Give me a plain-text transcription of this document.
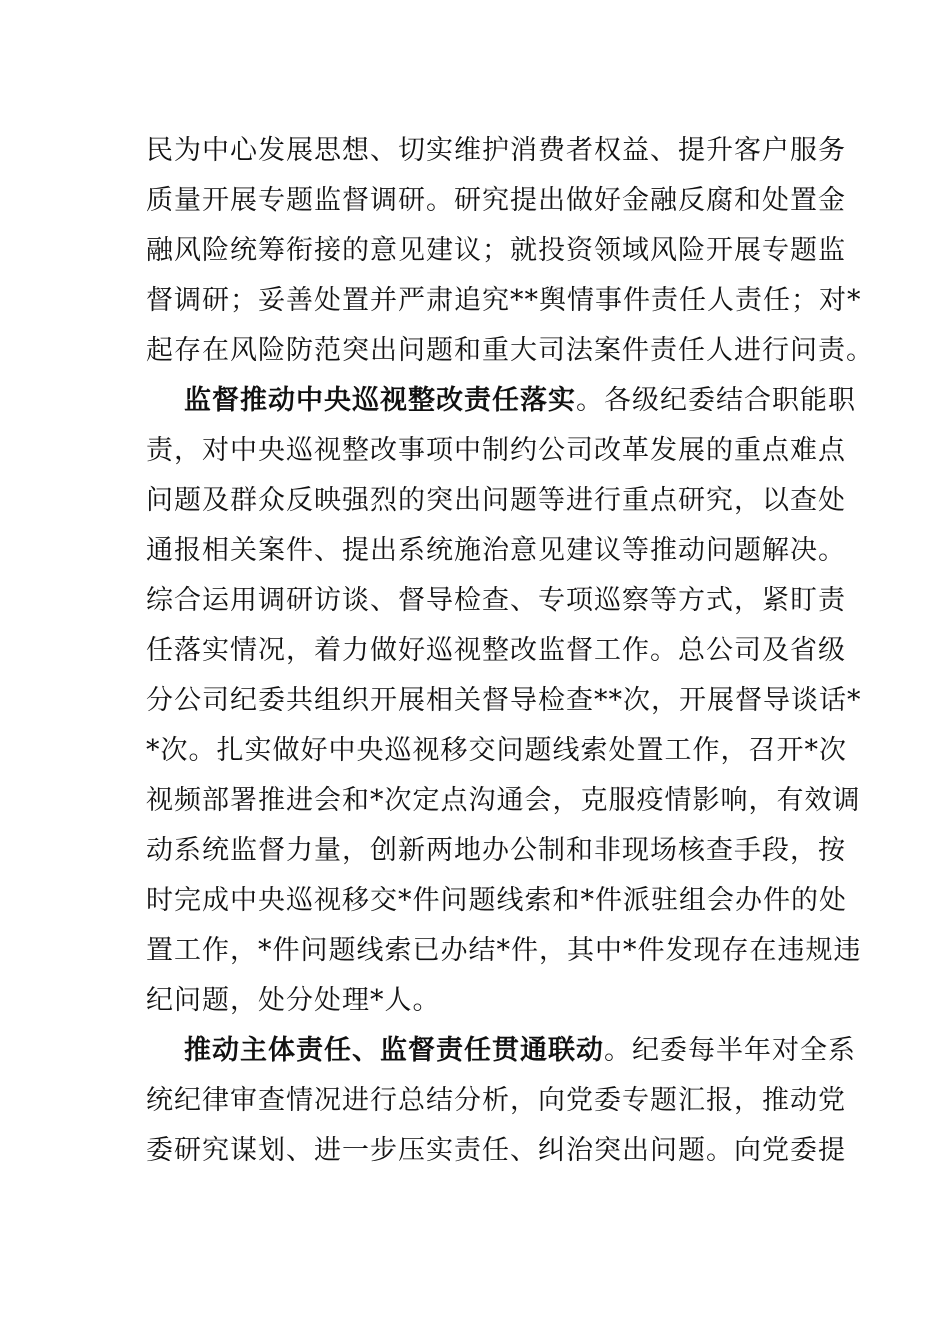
民为中心发展思想、切实维护消费者权益、提升客户服务
质量开展专题监督调研。研究提出做好金融反腐和处置金
融风险统筹衔接的意见建议；就投资领域风险开展专题监
督调研；妥善处置并严肃追究**舆情事件责任人责任；对*
起存在风险防范突出问题和重大司法案件责任人进行问责。
监督推动中央巡视整改责任落实。各级纪委结合职能职
责，对中央巡视整改事项中制约公司改革发展的重点难点
问题及群众反映强烈的突出问题等进行重点研究，以查处
通报相关案件、提出系统施治意见建议等推动问题解决。
综合运用调研访谈、督导检查、专项巡察等方式，紧盯责
任落实情况，着力做好巡视整改监督工作。总公司及省级
分公司纪委共组织开展相关督导检查**次，开展督导谈话*
*次。扎实做好中央巡视移交问题线索处置工作，召开*次
视频部署推进会和*次定点沟通会，克服疫情影响，有效调
动系统监督力量，创新两地办公制和非现场核查手段，按
时完成中央巡视移交*件问题线索和*件派驻组会办件的处
置工作，*件问题线索已办结*件，其中*件发现存在违规违
纪问题，处分处理*人。
推动主体责任、监督责任贯通联动。纪委每半年对全系
统纪律审查情况进行总结分析，向党委专题汇报，推动党
委研究谋划、进一步压实责任、纠治突出问题。向党委提
